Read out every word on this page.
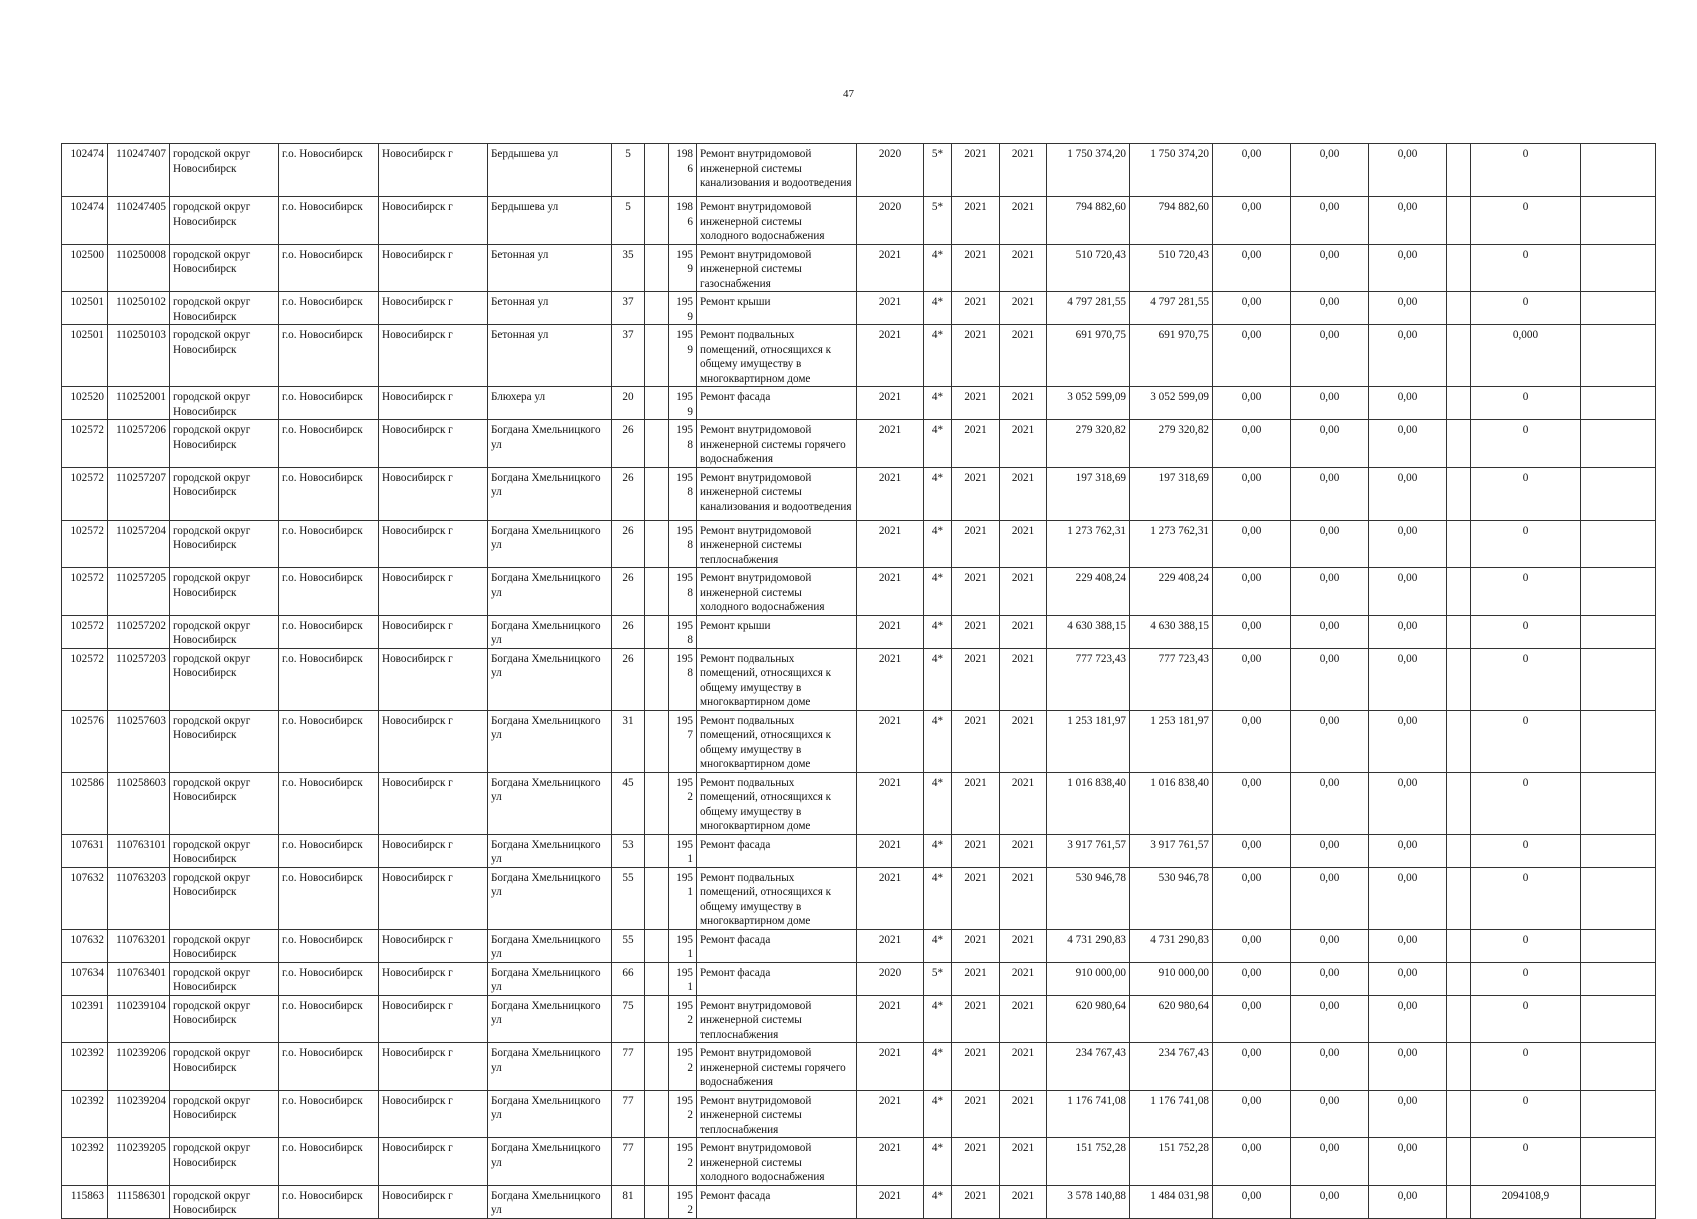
47
102474	110247407	городской округ Новосибирск	г.о. Новосибирск	Новосибирск г	Бердышева ул	5		1986	Ремонт внутридомовой инженерной системы канализования и водоотведения	2020	5*	2021	2021	1 750 374,20	1 750 374,20	0,00	0,00	0,00		0	
102474	110247405	городской округ Новосибирск	г.о. Новосибирск	Новосибирск г	Бердышева ул	5		1986	Ремонт внутридомовой инженерной системы холодного водоснабжения	2020	5*	2021	2021	794 882,60	794 882,60	0,00	0,00	0,00		0	
102500	110250008	городской округ Новосибирск	г.о. Новосибирск	Новосибирск г	Бетонная ул	35		1959	Ремонт внутридомовой инженерной системы газоснабжения	2021	4*	2021	2021	510 720,43	510 720,43	0,00	0,00	0,00		0	
102501	110250102	городской округ Новосибирск	г.о. Новосибирск	Новосибирск г	Бетонная ул	37		1959	Ремонт крыши	2021	4*	2021	2021	4 797 281,55	4 797 281,55	0,00	0,00	0,00		0	
102501	110250103	городской округ Новосибирск	г.о. Новосибирск	Новосибирск г	Бетонная ул	37		1959	Ремонт подвальных помещений, относящихся к общему имуществу в многоквартирном доме	2021	4*	2021	2021	691 970,75	691 970,75	0,00	0,00	0,00		0,000	
102520	110252001	городской округ Новосибирск	г.о. Новосибирск	Новосибирск г	Блюхера ул	20		1959	Ремонт фасада	2021	4*	2021	2021	3 052 599,09	3 052 599,09	0,00	0,00	0,00		0	
102572	110257206	городской округ Новосибирск	г.о. Новосибирск	Новосибирск г	Богдана Хмельницкого ул	26		1958	Ремонт внутридомовой инженерной системы горячего водоснабжения	2021	4*	2021	2021	279 320,82	279 320,82	0,00	0,00	0,00		0	
102572	110257207	городской округ Новосибирск	г.о. Новосибирск	Новосибирск г	Богдана Хмельницкого ул	26		1958	Ремонт внутридомовой инженерной системы канализования и водоотведения	2021	4*	2021	2021	197 318,69	197 318,69	0,00	0,00	0,00		0	
102572	110257204	городской округ Новосибирск	г.о. Новосибирск	Новосибирск г	Богдана Хмельницкого ул	26		1958	Ремонт внутридомовой инженерной системы теплоснабжения	2021	4*	2021	2021	1 273 762,31	1 273 762,31	0,00	0,00	0,00		0	
102572	110257205	городской округ Новосибирск	г.о. Новосибирск	Новосибирск г	Богдана Хмельницкого ул	26		1958	Ремонт внутридомовой инженерной системы холодного водоснабжения	2021	4*	2021	2021	229 408,24	229 408,24	0,00	0,00	0,00		0	
102572	110257202	городской округ Новосибирск	г.о. Новосибирск	Новосибирск г	Богдана Хмельницкого ул	26		1958	Ремонт крыши	2021	4*	2021	2021	4 630 388,15	4 630 388,15	0,00	0,00	0,00		0	
102572	110257203	городской округ Новосибирск	г.о. Новосибирск	Новосибирск г	Богдана Хмельницкого ул	26		1958	Ремонт подвальных помещений, относящихся к общему имуществу в многоквартирном доме	2021	4*	2021	2021	777 723,43	777 723,43	0,00	0,00	0,00		0	
102576	110257603	городской округ Новосибирск	г.о. Новосибирск	Новосибирск г	Богдана Хмельницкого ул	31		1957	Ремонт подвальных помещений, относящихся к общему имуществу в многоквартирном доме	2021	4*	2021	2021	1 253 181,97	1 253 181,97	0,00	0,00	0,00		0	
102586	110258603	городской округ Новосибирск	г.о. Новосибирск	Новосибирск г	Богдана Хмельницкого ул	45		1952	Ремонт подвальных помещений, относящихся к общему имуществу в многоквартирном доме	2021	4*	2021	2021	1 016 838,40	1 016 838,40	0,00	0,00	0,00		0	
107631	110763101	городской округ Новосибирск	г.о. Новосибирск	Новосибирск г	Богдана Хмельницкого ул	53		1951	Ремонт фасада	2021	4*	2021	2021	3 917 761,57	3 917 761,57	0,00	0,00	0,00		0	
107632	110763203	городской округ Новосибирск	г.о. Новосибирск	Новосибирск г	Богдана Хмельницкого ул	55		1951	Ремонт подвальных помещений, относящихся к общему имуществу в многоквартирном доме	2021	4*	2021	2021	530 946,78	530 946,78	0,00	0,00	0,00		0	
107632	110763201	городской округ Новосибирск	г.о. Новосибирск	Новосибирск г	Богдана Хмельницкого ул	55		1951	Ремонт фасада	2021	4*	2021	2021	4 731 290,83	4 731 290,83	0,00	0,00	0,00		0	
107634	110763401	городской округ Новосибирск	г.о. Новосибирск	Новосибирск г	Богдана Хмельницкого ул	66		1951	Ремонт фасада	2020	5*	2021	2021	910 000,00	910 000,00	0,00	0,00	0,00		0	
102391	110239104	городской округ Новосибирск	г.о. Новосибирск	Новосибирск г	Богдана Хмельницкого ул	75		1952	Ремонт внутридомовой инженерной системы теплоснабжения	2021	4*	2021	2021	620 980,64	620 980,64	0,00	0,00	0,00		0	
102392	110239206	городской округ Новосибирск	г.о. Новосибирск	Новосибирск г	Богдана Хмельницкого ул	77		1952	Ремонт внутридомовой инженерной системы горячего водоснабжения	2021	4*	2021	2021	234 767,43	234 767,43	0,00	0,00	0,00		0	
102392	110239204	городской округ Новосибирск	г.о. Новосибирск	Новосибирск г	Богдана Хмельницкого ул	77		1952	Ремонт внутридомовой инженерной системы теплоснабжения	2021	4*	2021	2021	1 176 741,08	1 176 741,08	0,00	0,00	0,00		0	
102392	110239205	городской округ Новосибирск	г.о. Новосибирск	Новосибирск г	Богдана Хмельницкого ул	77		1952	Ремонт внутридомовой инженерной системы холодного водоснабжения	2021	4*	2021	2021	151 752,28	151 752,28	0,00	0,00	0,00		0	
115863	111586301	городской округ Новосибирск	г.о. Новосибирск	Новосибирск г	Богдана Хмельницкого ул	81		1952	Ремонт фасада	2021	4*	2021	2021	3 578 140,88	1 484 031,98	0,00	0,00	0,00		2094108,9	
